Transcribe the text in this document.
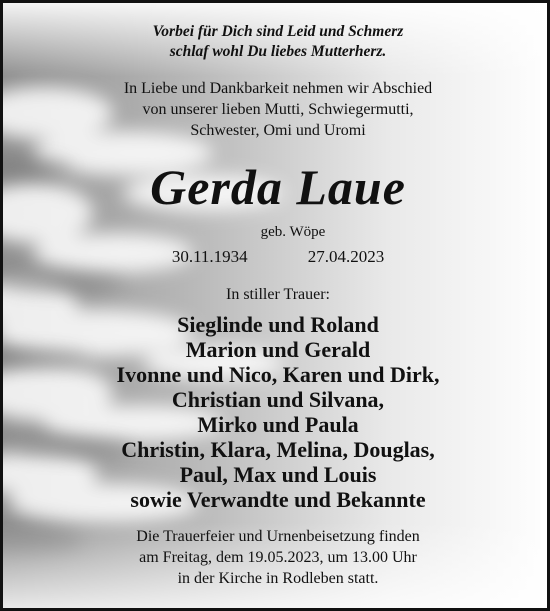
Vorbei für Dich sind Leid und Schmerz
schlaf wohl Du liebes Mutterherz.
In Liebe und Dankbarkeit nehmen wir Abschied
von unserer lieben Mutti, Schwiegermutti,
Schwester, Omi und Uromi
Gerda Laue
geb. Wöpe
30.11.1934	27.04.2023
In stiller Trauer:
Sieglinde und Roland
Marion und Gerald
Ivonne und Nico, Karen und Dirk,
Christian und Silvana,
Mirko und Paula
Christin, Klara, Melina, Douglas,
Paul, Max und Louis
sowie Verwandte und Bekannte
Die Trauerfeier und Urnenbeisetzung finden
am Freitag, dem 19.05.2023, um 13.00 Uhr
in der Kirche in Rodleben statt.
